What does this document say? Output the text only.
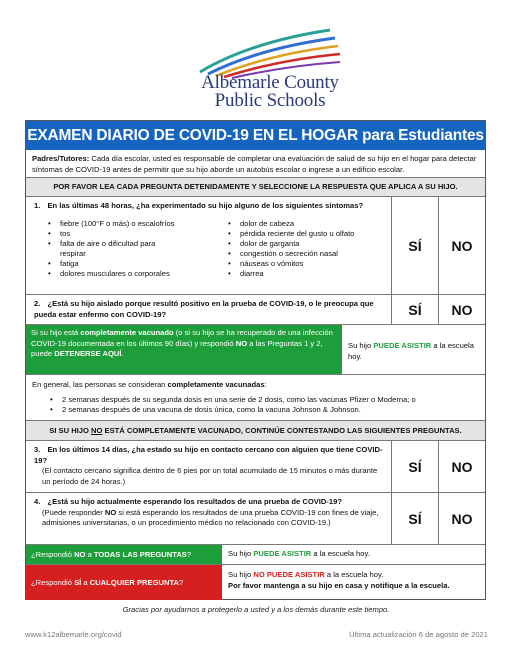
Albemarle County
Public Schools
EXAMEN DIARIO DE COVID-19 EN EL HOGAR para Estudiantes
Padres/Tutores: Cada día escolar, usted es responsable de completar una evaluación de salud de su hijo en el hogar para detectar síntomas de COVID-19 antes de permitir que su hijo aborde un autobús escolar o ingrese a un edificio escolar.
POR FAVOR LEA CADA PREGUNTA DETENIDAMENTE Y SELECCIONE LA RESPUESTA QUE APLICA A SU HIJO.
1. En las últimas 48 horas, ¿ha experimentado su hijo alguno de los siguientes síntomas?
• fiebre (100°F o más) o escalofríos
• tos
• falta de aire o dificultad para
respirar
• fatiga
• dolores musculares o corporales
• dolor de cabeza
• pérdida reciente del gusto u olfato
• dolor de garganta
• congestión o secreción nasal
• náuseas o vómitos
• diarrea
SÍ	NO
2. ¿Está su hijo aislado porque resultó positivo en la prueba de COVID-19, o le preocupa que pueda estar enfermo con COVID-19?	SÍ	NO
Si su hijo está completamente vacunado (o si su hijo se ha recuperado de una infección COVID-19 documentada en los últimos 90 días) y respondió NO a las Preguntas 1 y 2, puede DETENERSE AQUÍ.
Su hijo PUEDE ASISTIR a la escuela hoy.
En general, las personas se consideran completamente vacunadas:
• 2 semanas después de su segunda dosis en una serie de 2 dosis, como las vacunas Pfizer o Moderna; o
• 2 semanas después de una vacuna de dosis única, como la vacuna Johnson & Johnson.
SI SU HIJO NO ESTÁ COMPLETAMENTE VACUNADO, CONTINÚE CONTESTANDO LAS SIGUIENTES PREGUNTAS.
3. En los últimos 14 días, ¿ha estado su hijo en contacto cercano con alguien que tiene COVID-19?
(El contacto cercano significa dentro de 6 pies por un total acumulado de 15 minutos o más durante un período de 24 horas.)
SÍ	NO
4. ¿Está su hijo actualmente esperando los resultados de una prueba de COVID-19?
(Puede responder NO si está esperando los resultados de una prueba COVID-19 con fines de viaje, admisiones universitarias, o un procedimiento médico no relacionado con COVID-19.)	SÍ	NO
¿Respondió NO a TODAS LAS PREGUNTAS?	Su hijo PUEDE ASISTIR a la escuela hoy.
¿Respondió SÍ a CUALQUIER PREGUNTA?
Su hijo NO PUEDE ASISTIR a la escuela hoy.
Por favor mantenga a su hijo en casa y notifique a la escuela.
Gracias por ayudarnos a protegerlo a usted y a los demás durante este tiempo.
www.k12albemarle.org/covid	Última actualización 6 de agosto de 2021
